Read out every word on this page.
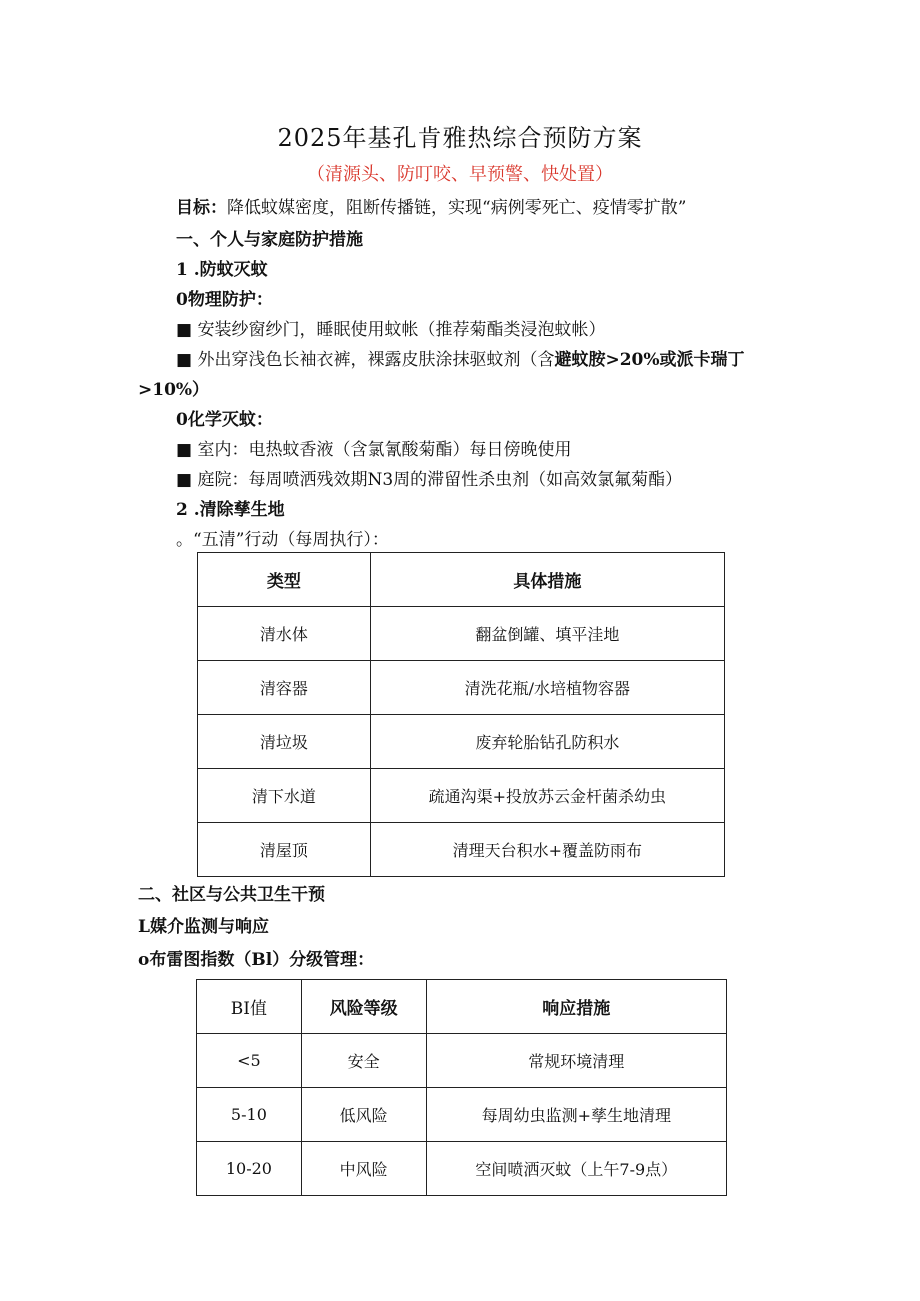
2025年基孔肯雅热综合预防方案
（清源头、防叮咬、早预警、快处置）
目标：降低蚊媒密度，阻断传播链，实现“病例零死亡、疫情零扩散”
一、个人与家庭防护措施
1 .防蚊灭蚊
0物理防护：
■ 安装纱窗纱门，睡眠使用蚊帐（推荐菊酯类浸泡蚊帐）
■ 外出穿浅色长袖衣裤，裸露皮肤涂抹驱蚊剂（含避蚊胺>20%或派卡瑞丁
>10%）
0化学灭蚊：
■ 室内：电热蚊香液（含氯氰酸菊酯）每日傍晚使用
■ 庭院：每周喷洒残效期N3周的滞留性杀虫剂（如高效氯氟菊酯）
2 .清除孳生地
。“五清”行动（每周执行）：
类型	具体措施
清水体	翻盆倒罐、填平洼地
清容器	清洗花瓶/水培植物容器
清垃圾	废弃轮胎钻孔防积水
清下水道	疏通沟渠+投放苏云金杆菌杀幼虫
清屋顶	清理天台积水+覆盖防雨布
二、社区与公共卫生干预
L媒介监测与响应
o布雷图指数（Bl）分级管理：
BI值	风险等级	响应措施
<5	安全	常规环境清理
5-10	低风险	每周幼虫监测+孳生地清理
10-20	中风险	空间喷洒灭蚊（上午7-9点）
